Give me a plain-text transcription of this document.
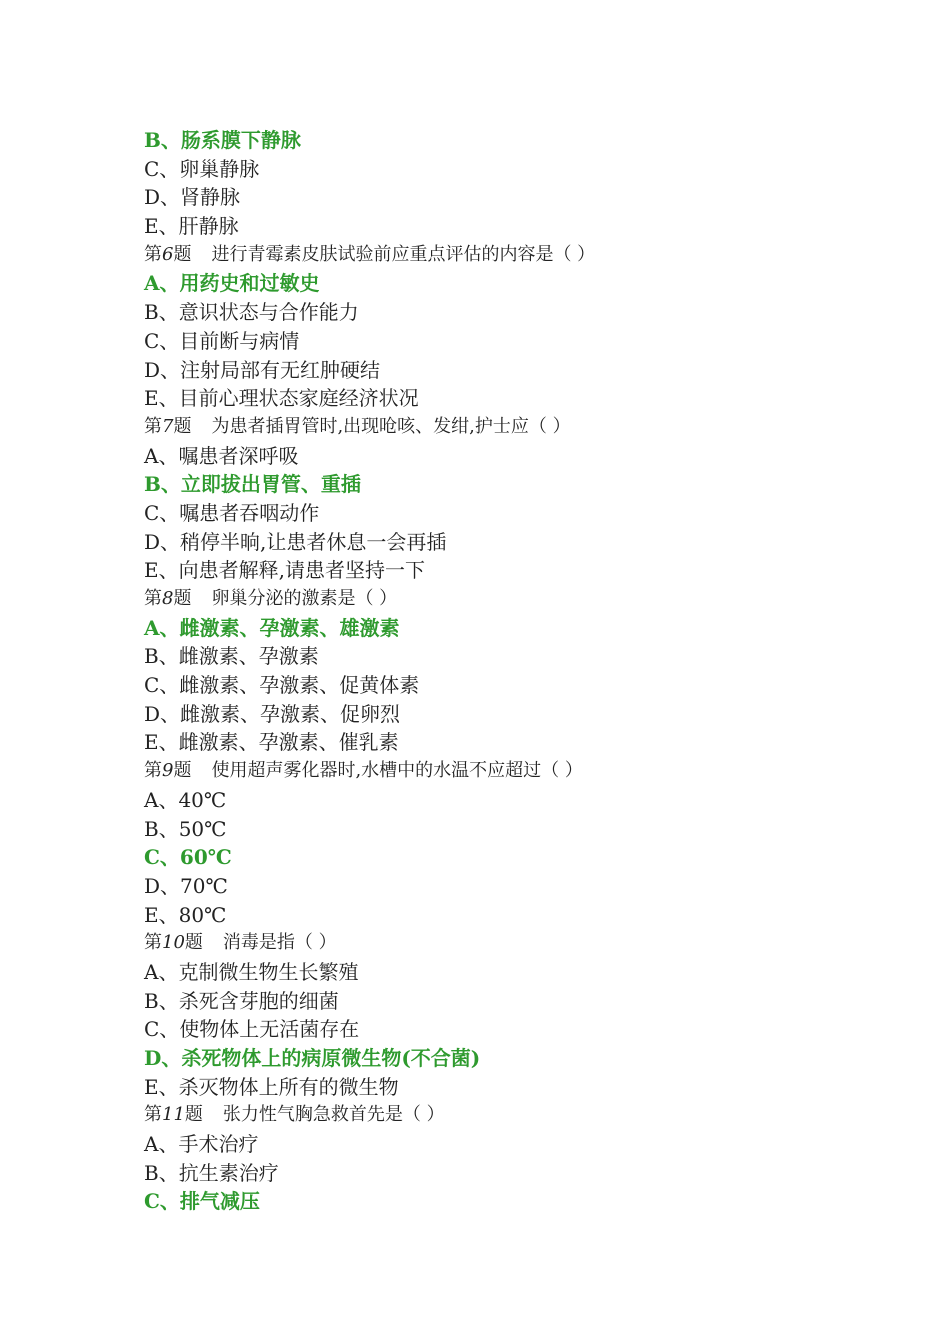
B、肠系膜下静脉
C、卵巢静脉
D、肾静脉
E、肝静脉
第6题 进行青霉素皮肤试验前应重点评估的内容是（ ）
A、用药史和过敏史
B、意识状态与合作能力
C、目前断与病情
D、注射局部有无红肿硬结
E、目前心理状态家庭经济状况
第7题 为患者插胃管时,出现呛咳、发绀,护士应（ ）
A、嘱患者深呼吸
B、立即拔出胃管、重插
C、嘱患者吞咽动作
D、稍停半晌,让患者休息一会再插
E、向患者解释,请患者坚持一下
第8题 卵巢分泌的激素是（ ）
A、雌激素、孕激素、雄激素
B、雌激素、孕激素
C、雌激素、孕激素、促黄体素
D、雌激素、孕激素、促卵烈
E、雌激素、孕激素、催乳素
第9题 使用超声雾化器时,水槽中的水温不应超过（ ）
A、40℃
B、50℃
C、60℃
D、70℃
E、80℃
第10题 消毒是指（ ）
A、克制微生物生长繁殖
B、杀死含芽胞的细菌
C、使物体上无活菌存在
D、杀死物体上的病原微生物(不合菌)
E、杀灭物体上所有的微生物
第11题 张力性气胸急救首先是（ ）
A、手术治疗
B、抗生素治疗
C、排气减压
